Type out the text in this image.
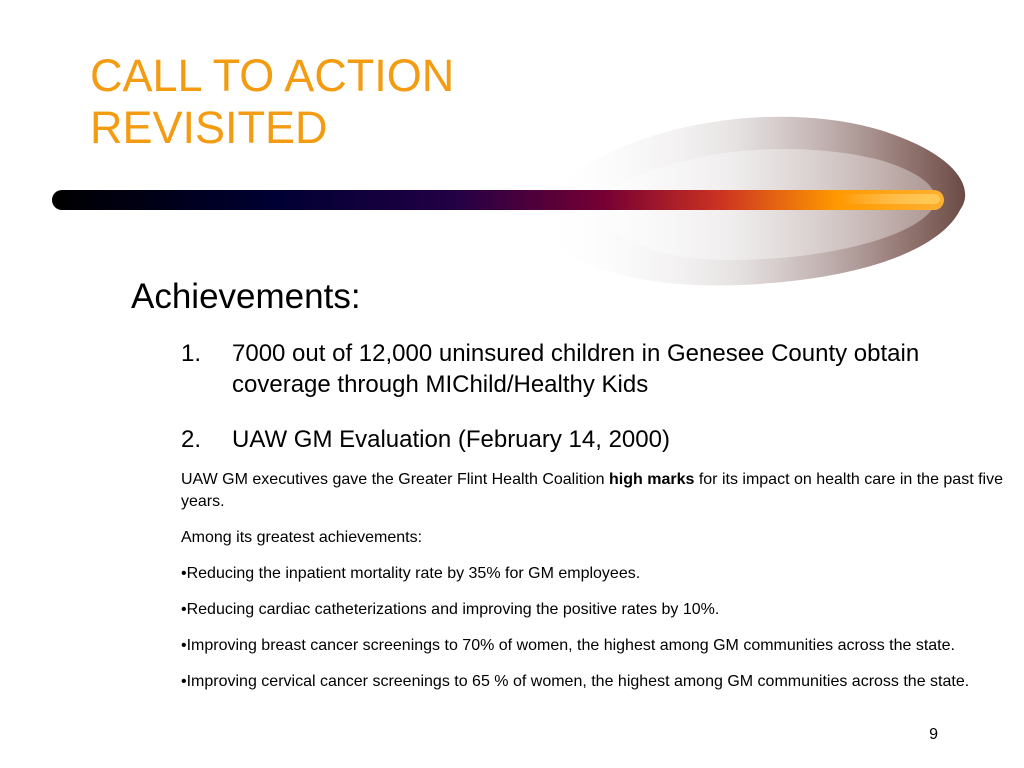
CALL TO ACTION
REVISITED
Achievements:
1.	7000 out of 12,000 uninsured children in Genesee County obtain coverage through MIChild/Healthy Kids
2.	UAW GM Evaluation (February 14, 2000)

UAW GM executives gave the Greater Flint Health Coalition high marks for its impact on health care in the past five years.

Among its greatest achievements:

•Reducing the inpatient mortality rate by 35% for GM employees.

•Reducing cardiac catheterizations and improving the positive rates by 10%.

•Improving breast cancer screenings to 70% of women, the highest among GM communities across the state.

•Improving cervical cancer screenings to 65 % of women, the highest among GM communities across the state.

9
